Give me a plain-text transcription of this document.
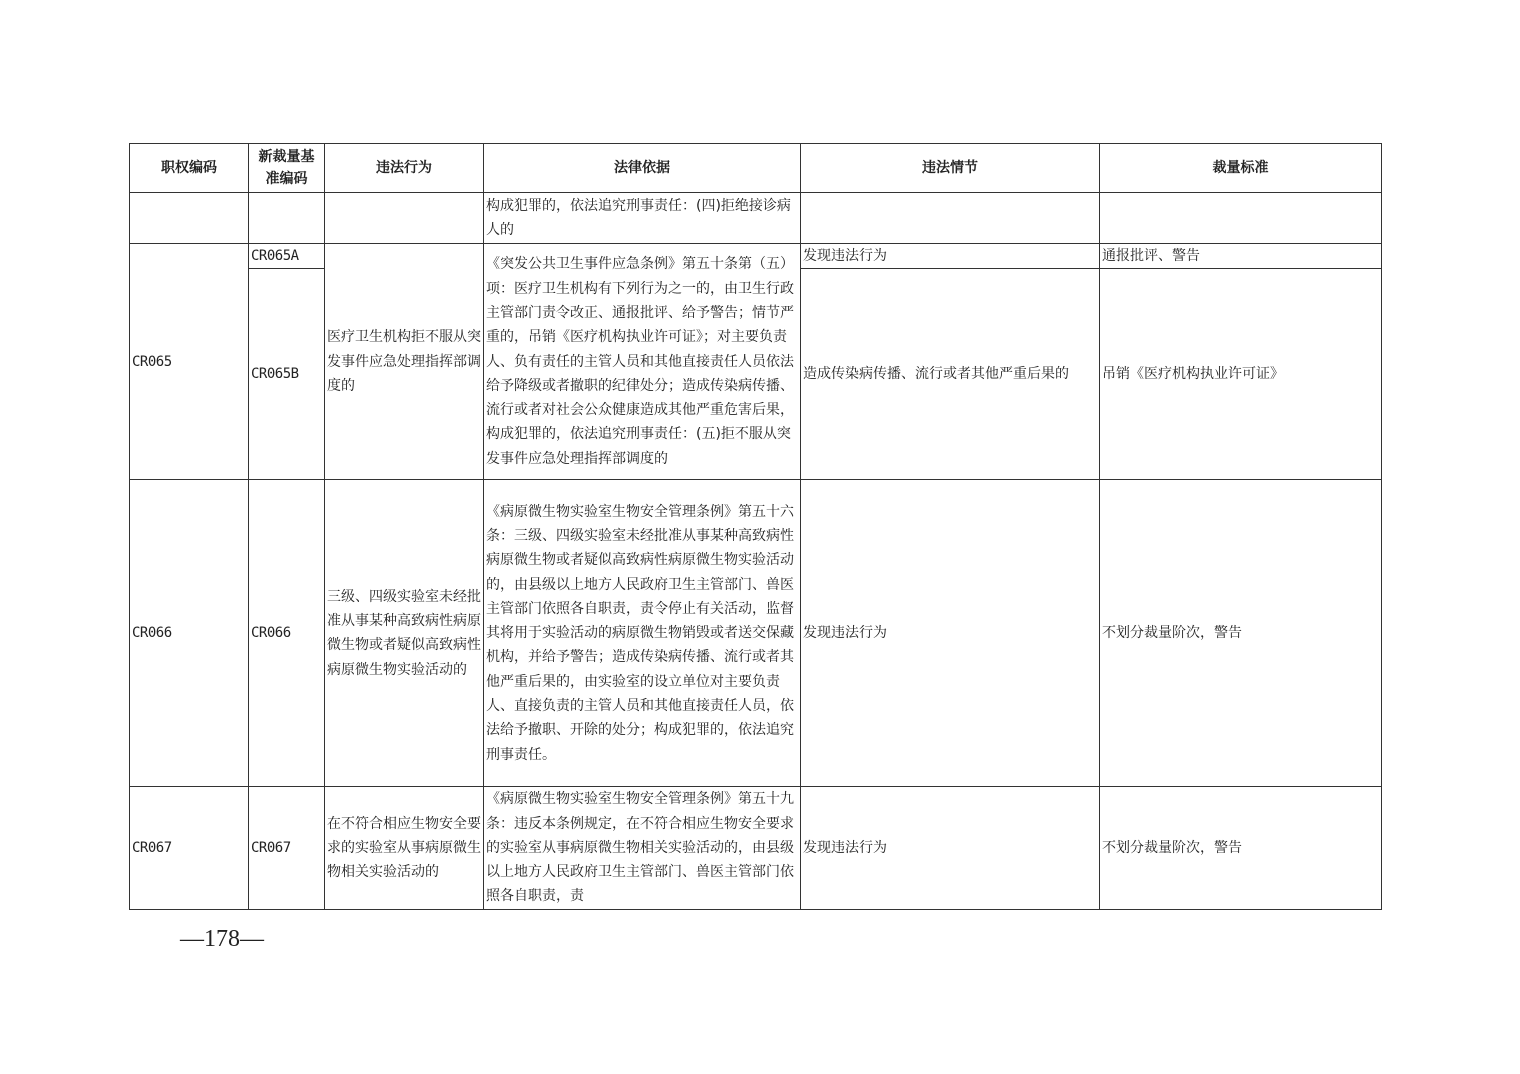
职权编码	新裁量基准编码	违法行为	法律依据	违法情节	裁量标准
			构成犯罪的，依法追究刑事责任：(四)拒绝接诊病人的		
CR065	CR065A	医疗卫生机构拒不服从突发事件应急处理指挥部调度的	《突发公共卫生事件应急条例》第五十条第（五）项：医疗卫生机构有下列行为之一的，由卫生行政主管部门责令改正、通报批评、给予警告；情节严重的，吊销《医疗机构执业许可证》；对主要负责人、负有责任的主管人员和其他直接责任人员依法给予降级或者撤职的纪律处分；造成传染病传播、流行或者对社会公众健康造成其他严重危害后果，构成犯罪的，依法追究刑事责任：(五)拒不服从突发事件应急处理指挥部调度的	发现违法行为	通报批评、警告
	CR065B			造成传染病传播、流行或者其他严重后果的	吊销《医疗机构执业许可证》
CR066	CR066	三级、四级实验室未经批准从事某种高致病性病原微生物或者疑似高致病性病原微生物实验活动的	《病原微生物实验室生物安全管理条例》第五十六条：三级、四级实验室未经批准从事某种高致病性病原微生物或者疑似高致病性病原微生物实验活动的，由县级以上地方人民政府卫生主管部门、兽医主管部门依照各自职责，责令停止有关活动，监督其将用于实验活动的病原微生物销毁或者送交保藏机构，并给予警告；造成传染病传播、流行或者其他严重后果的，由实验室的设立单位对主要负责人、直接负责的主管人员和其他直接责任人员，依法给予撤职、开除的处分；构成犯罪的，依法追究刑事责任。	发现违法行为	不划分裁量阶次，警告
CR067	CR067	在不符合相应生物安全要求的实验室从事病原微生物相关实验活动的	《病原微生物实验室生物安全管理条例》第五十九条：违反本条例规定，在不符合相应生物安全要求的实验室从事病原微生物相关实验活动的，由县级以上地方人民政府卫生主管部门、兽医主管部门依照各自职责，责	发现违法行为	不划分裁量阶次，警告
—178—
